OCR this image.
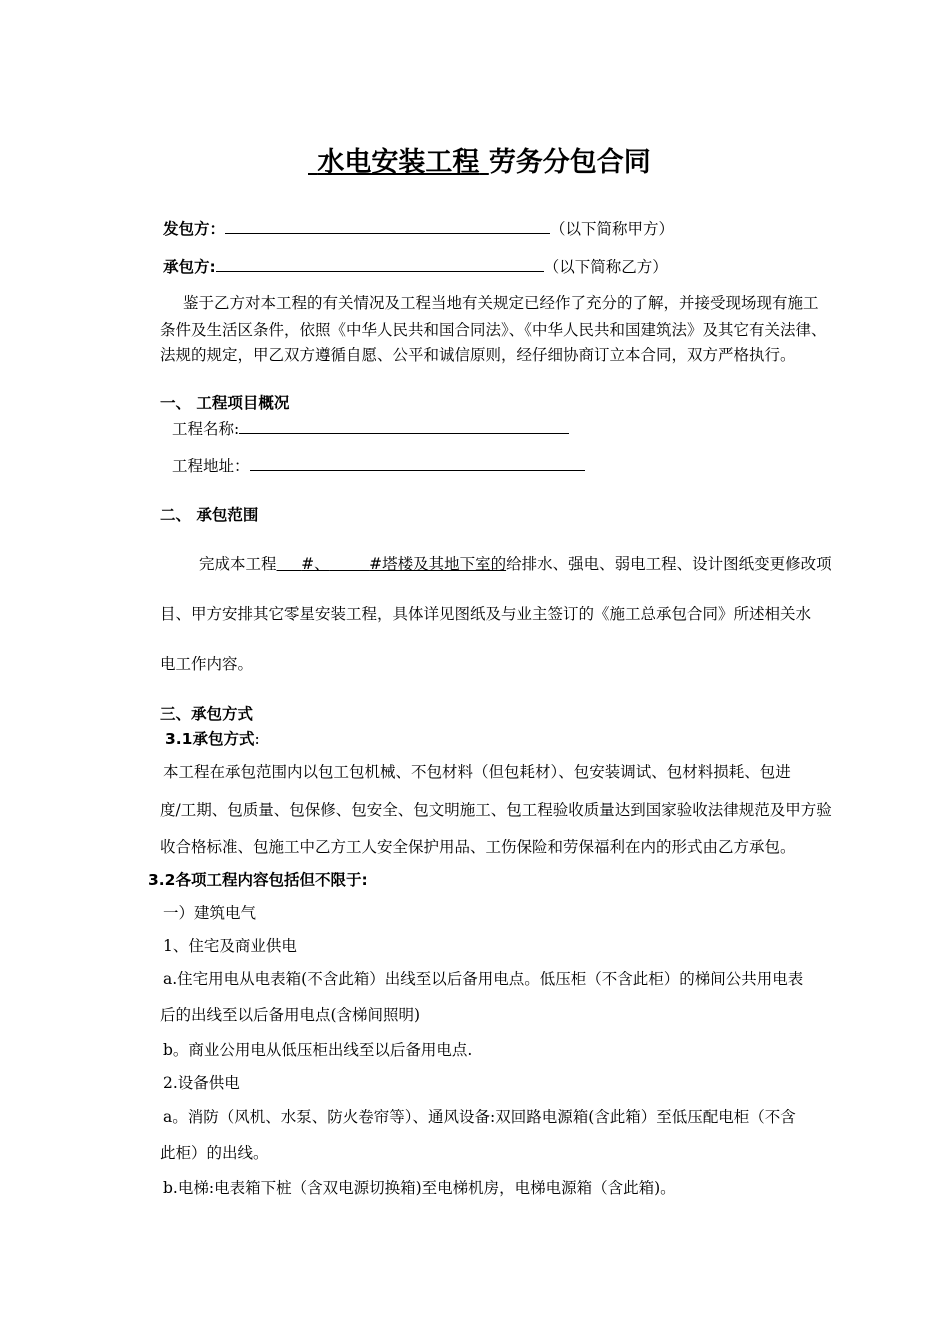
水电安装工程 劳务分包合同
发包方：	（以下简称甲方）
承包方:	（以下简称乙方）
鉴于乙方对本工程的有关情况及工程当地有关规定已经作了充分的了解，并接受现场现有施工
条件及生活区条件，依照《中华人民共和国合同法》、《中华人民共和国建筑法》及其它有关法律、
法规的规定，甲乙双方遵循自愿、公平和诚信原则，经仔细协商订立本合同，双方严格执行。
一、 工程项目概况
工程名称:
工程地址：
二、 承包范围
完成本工程 #、	#塔楼及其地下室的给排水、强电、弱电工程、设计图纸变更修改项
目、甲方安排其它零星安装工程，具体详见图纸及与业主签订的《施工总承包合同》所述相关水
电工作内容。
三、承包方式
3.1承包方式:
本工程在承包范围内以包工包机械、不包材料（但包耗材）、包安装调试、包材料损耗、包进
度/工期、包质量、包保修、包安全、包文明施工、包工程验收质量达到国家验收法律规范及甲方验
收合格标准、包施工中乙方工人安全保护用品、工伤保险和劳保福利在内的形式由乙方承包。
3.2各项工程内容包括但不限于:
一）建筑电气
1、住宅及商业供电
a.住宅用电从电表箱(不含此箱）出线至以后备用电点。低压柜（不含此柜）的梯间公共用电表
后的出线至以后备用电点(含梯间照明)
b。商业公用电从低压柜出线至以后备用电点.
2.设备供电
a。消防（风机、水泵、防火卷帘等）、通风设备:双回路电源箱(含此箱）至低压配电柜（不含
此柜）的出线。
b.电梯:电表箱下桩（含双电源切换箱)至电梯机房，电梯电源箱（含此箱)。
